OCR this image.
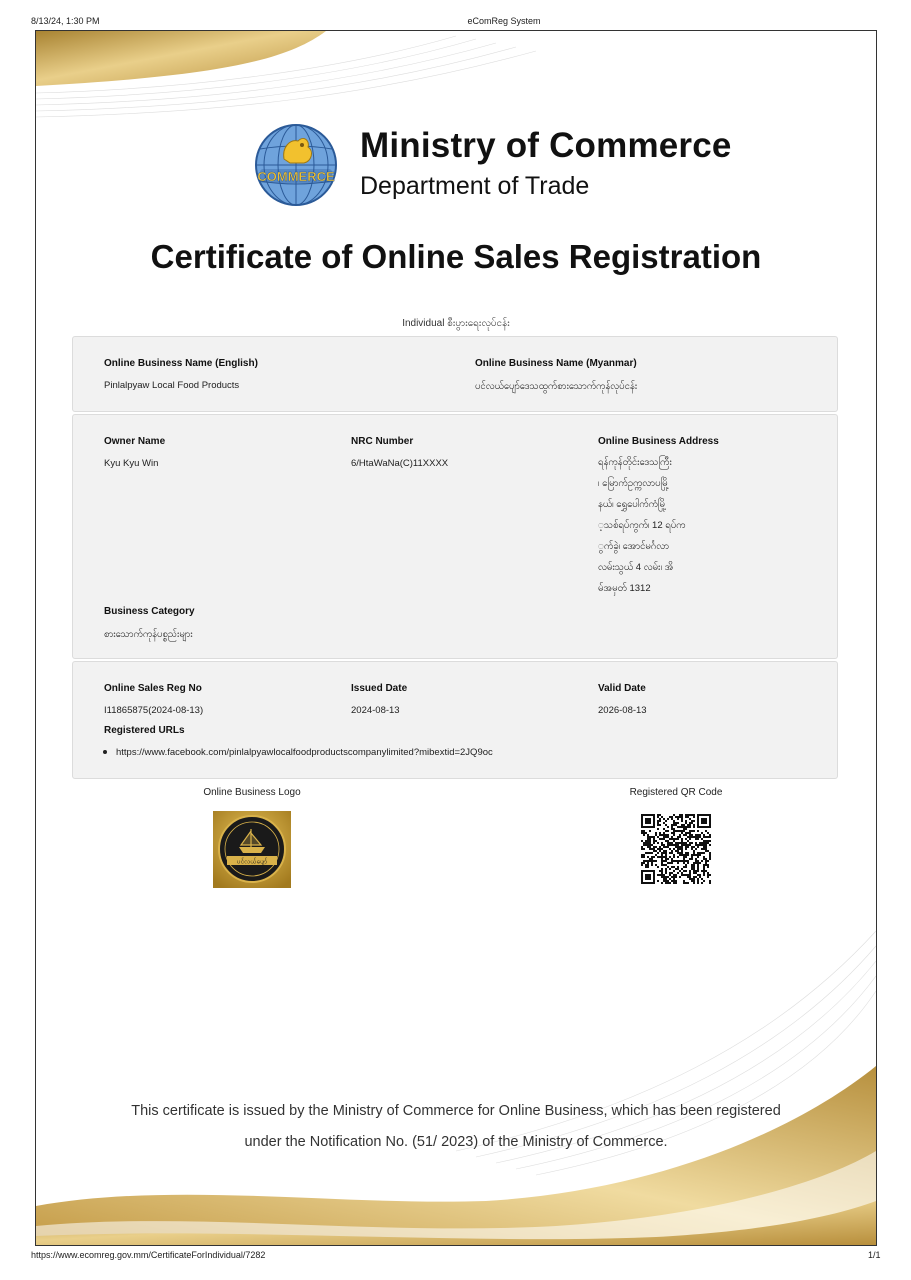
8/13/24, 1:30 PM	eComReg System
COMMERCE
Ministry of Commerce
Department of Trade
Certificate of Online Sales Registration
Individual စီးပွားရေးလုပ်ငန်း
Online Business Name (English)
Pinlalpyaw Local Food Products
Online Business Name (Myanmar)
ပင်လယ်ပျော်ဒေသထွက်စားသောက်ကုန်လုပ်ငန်း
Owner Name
Kyu Kyu Win
NRC Number
6/HtaWaNa(C)11XXXX
Online Business Address
ရန်ကုန်တိုင်းဒေသကြီး
၊ မြောက်ဥက္ကလာပမြို့
နယ်၊ ရွှေပေါက်ကံမြို့
့သစ်ရပ်ကွက်၊ 12 ရပ်က
ွက်ခွဲ၊ အောင်မင်္ဂလာ
လမ်းသွယ် 4 လမ်း၊ အိ
မ်အမှတ် 1312
Business Category
စားသောက်ကုန်ပစ္စည်းများ
Online Sales Reg No
I11865875(2024-08-13)
Issued Date
2024-08-13
Valid Date
2026-08-13
Registered URLs
https://www.facebook.com/pinlalpyawlocalfoodproductscompanylimited?mibextid=2JQ9oc
Online Business Logo	Registered QR Code
ပင်လယ်ပျော်
This certificate is issued by the Ministry of Commerce for Online Business, which has been registered
under the Notification No. (51/ 2023) of the Ministry of Commerce.
https://www.ecomreg.gov.mm/CertificateForIndividual/7282	1/1
